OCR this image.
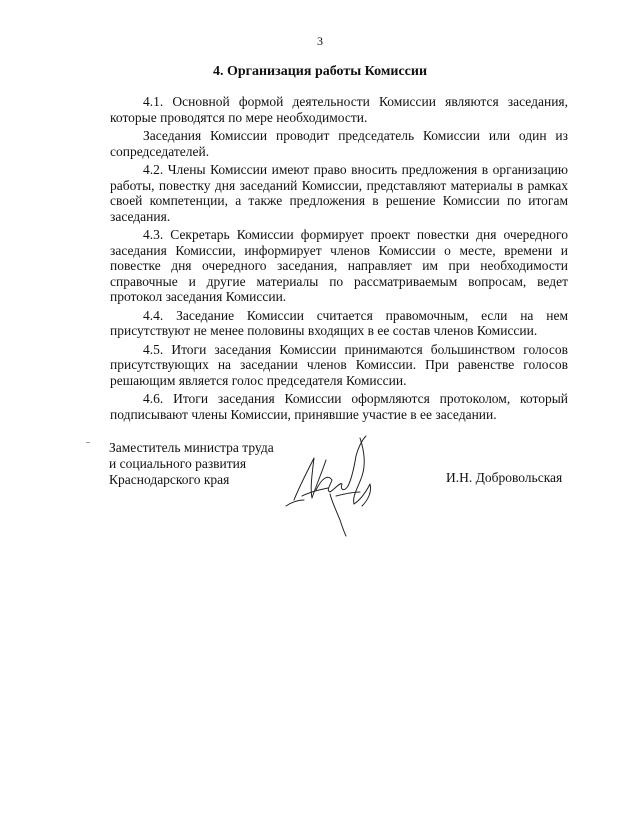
3
4. Организация работы Комиссии

4.1. Основной формой деятельности Комиссии являются заседания, которые проводятся по мере необходимости.

Заседания Комиссии проводит председатель Комиссии или один из сопредседателей.

4.2. Члены Комиссии имеют право вносить предложения в организацию работы, повестку дня заседаний Комиссии, представляют материалы в рамках своей компетенции, а также предложения в решение Комиссии по итогам заседания.

4.3. Секретарь Комиссии формирует проект повестки дня очередного заседания Комиссии, информирует членов Комиссии о месте, времени и повестке дня очередного заседания, направляет им при необходимости справочные и другие материалы по рассматриваемым вопросам, ведет протокол заседания Комиссии.

4.4. Заседание Комиссии считается правомочным, если на нем присутствуют не менее половины входящих в ее состав членов Комиссии.

4.5. Итоги заседания Комиссии принимаются большинством голосов присутствующих на заседании членов Комиссии. При равенстве голосов решающим является голос председателя Комиссии.

4.6. Итоги заседания Комиссии оформляются протоколом, который подписывают члены Комиссии, принявшие участие в ее заседании.

Заместитель министра труда
и социального развития
Краснодарского края	И.Н. Добровольская
